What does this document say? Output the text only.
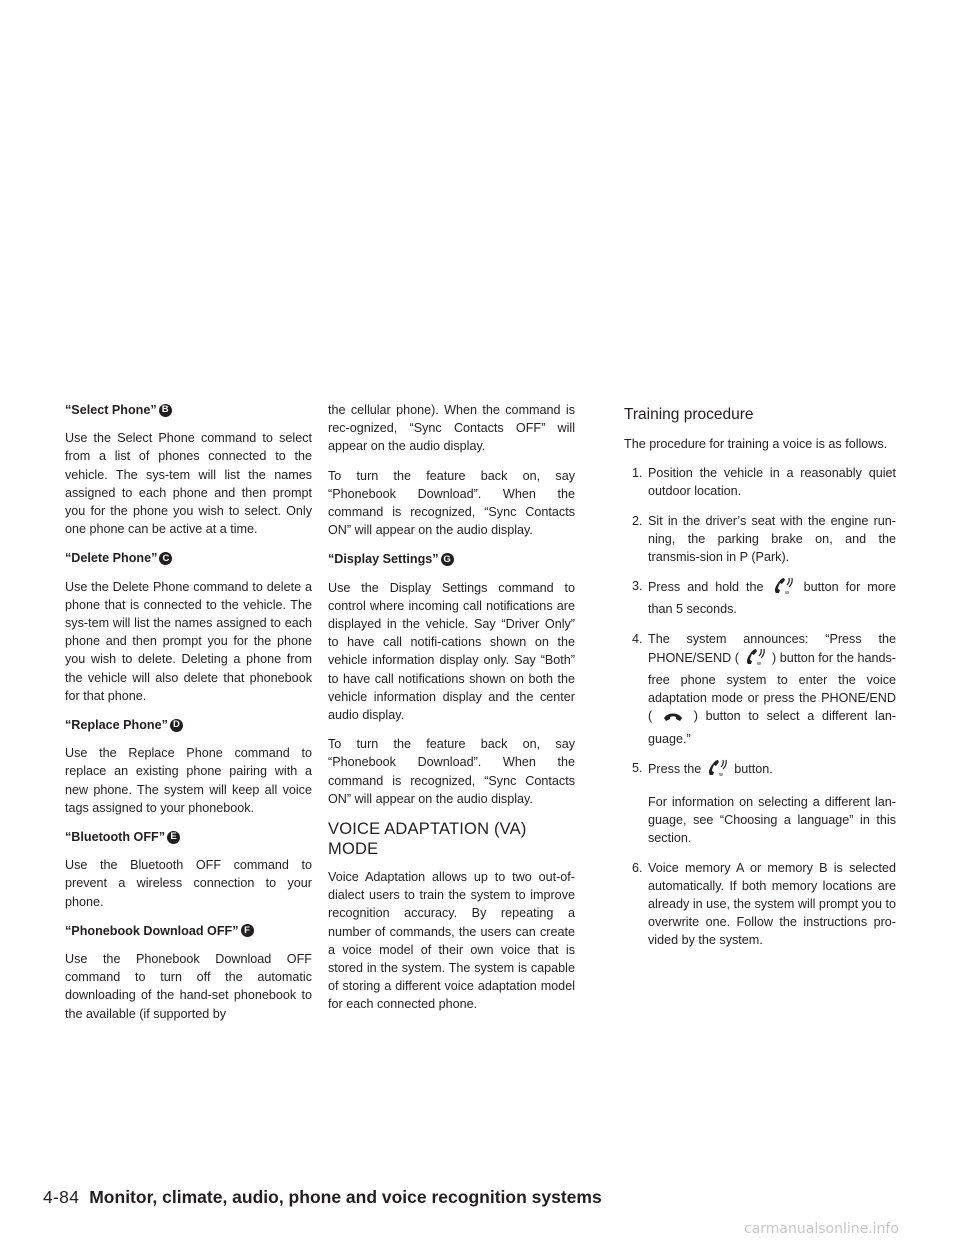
“Select Phone” B

Use the Select Phone command to select from a list of phones connected to the vehicle. The sys-tem will list the names assigned to each phone and then prompt you for the phone you wish to select. Only one phone can be active at a time.

“Delete Phone” C

Use the Delete Phone command to delete a phone that is connected to the vehicle. The sys-tem will list the names assigned to each phone and then prompt you for the phone you wish to delete. Deleting a phone from the vehicle will also delete that phonebook for that phone.

“Replace Phone” D

Use the Replace Phone command to replace an existing phone pairing with a new phone. The system will keep all voice tags assigned to your phonebook.

“Bluetooth OFF” E

Use the Bluetooth OFF command to prevent a wireless connection to your phone.

“Phonebook Download OFF” F

Use the Phonebook Download OFF command to turn off the automatic downloading of the hand-set phonebook to the available (if supported by

the cellular phone). When the command is rec-ognized, “Sync Contacts OFF” will appear on the audio display.

To turn the feature back on, say “Phonebook Download”. When the command is recognized, “Sync Contacts ON” will appear on the audio display.

“Display Settings” G

Use the Display Settings command to control where incoming call notifications are displayed in the vehicle. Say “Driver Only” to have call notifi-cations shown on the vehicle information display only. Say “Both” to have call notifications shown on both the vehicle information display and the center audio display.

To turn the feature back on, say “Phonebook Download”. When the command is recognized, “Sync Contacts ON” will appear on the audio display.

VOICE ADAPTATION (VA) MODE

Voice Adaptation allows up to two out-of-dialect users to train the system to improve recognition accuracy. By repeating a number of commands, the users can create a voice model of their own voice that is stored in the system. The system is capable of storing a different voice adaptation model for each connected phone.

Training procedure

The procedure for training a voice is as follows.

1. Position the vehicle in a reasonably quiet outdoor location.
2. Sit in the driver’s seat with the engine run-ning, the parking brake on, and the transmis-sion in P (Park).
3. Press and hold the	w button for more than 5 seconds.
4. The system announces: “Press the PHONE/SEND (	w ) button for the hands-free phone system to enter the voice adaptation mode or press the PHONE/END (	) button to select a different lan-guage.”
5. Press the	w button.

For information on selecting a different lan-guage, see “Choosing a language” in this section.

6. Voice memory A or memory B is selected automatically. If both memory locations are already in use, the system will prompt you to overwrite one. Follow the instructions pro-vided by the system.
4-84 Monitor, climate, audio, phone and voice recognition systems
carmanualsonline.info
